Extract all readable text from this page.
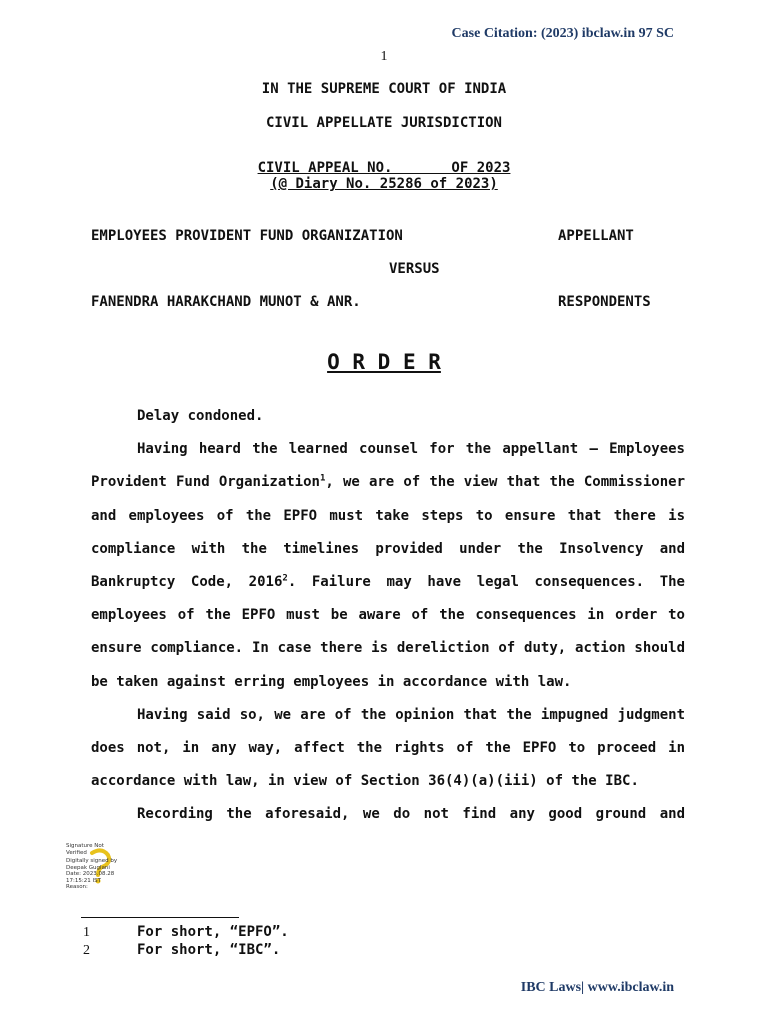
Case Citation: (2023) ibclaw.in 97 SC
1
IN THE SUPREME COURT OF INDIA
CIVIL APPELLATE JURISDICTION
CIVIL APPEAL NO.       OF 2023
(@ Diary No. 25286 of 2023)
EMPLOYEES PROVIDENT FUND ORGANIZATION	APPELLANT
VERSUS
FANENDRA HARAKCHAND MUNOT & ANR.	RESPONDENTS
O R D E R

Delay condoned.

Having heard the learned counsel for the appellant – Employees Provident Fund Organization$^1$, we are of the view that the Commissioner and employees of the EPFO must take steps to ensure that there is compliance with the timelines provided under the Insolvency and Bankruptcy Code, 2016$^2$. Failure may have legal consequences. The employees of the EPFO must be aware of the consequences in order to ensure compliance. In case there is dereliction of duty, action should be taken against erring employees in accordance with law.

Having said so, we are of the opinion that the impugned judgment does not, in any way, affect the rights of the EPFO to proceed in accordance with law, in view of Section 36(4)(a)(iii) of the IBC.

Recording the aforesaid, we do not find any good ground and

Signature Not Verified
Digitally signed by
Deepak Guglani
Date: 2023.08.28
17:15:21 IST
Reason:
1	For short, “EPFO”.
2	For short, “IBC”.
IBC Laws| www.ibclaw.in
